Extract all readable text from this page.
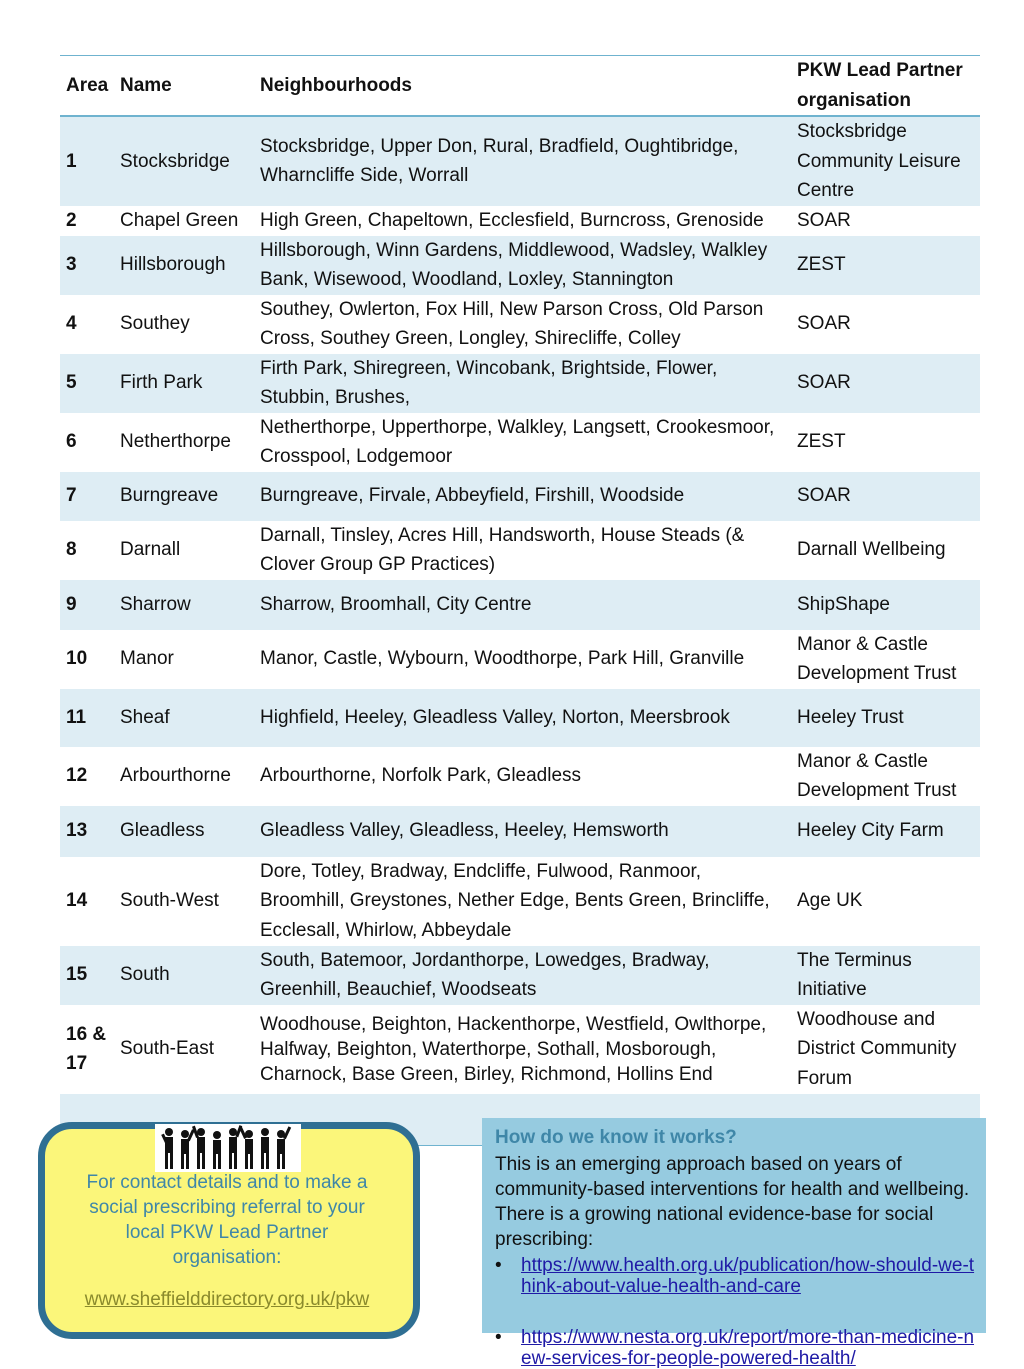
Area	Name	Neighbourhoods	PKW Lead Partner organisation
1	Stocksbridge	Stocksbridge, Upper Don, Rural, Bradfield, Oughtibridge, Wharncliffe Side, Worrall	Stocksbridge Community Leisure Centre
2	Chapel Green	High Green, Chapeltown, Ecclesfield, Burncross, Grenoside	SOAR
3	Hillsborough	Hillsborough, Winn Gardens, Middlewood, Wadsley, Walkley Bank, Wisewood, Woodland, Loxley, Stannington	ZEST
4	Southey	Southey, Owlerton, Fox Hill, New Parson Cross, Old Parson Cross, Southey Green, Longley, Shirecliffe, Colley	SOAR
5	Firth Park	Firth Park, Shiregreen, Wincobank, Brightside, Flower, Stubbin, Brushes,	SOAR
6	Netherthorpe	Netherthorpe, Upperthorpe, Walkley, Langsett, Crookesmoor, Crosspool, Lodgemoor	ZEST
7	Burngreave	Burngreave, Firvale, Abbeyfield, Firshill, Woodside	SOAR
8	Darnall	Darnall, Tinsley, Acres Hill, Handsworth, House Steads (& Clover Group GP Practices)	Darnall Wellbeing
9	Sharrow	Sharrow, Broomhall, City Centre	ShipShape
10	Manor	Manor, Castle, Wybourn, Woodthorpe, Park Hill, Granville	Manor & Castle Development Trust
11	Sheaf	Highfield, Heeley, Gleadless Valley, Norton, Meersbrook	Heeley Trust
12	Arbourthorne	Arbourthorne, Norfolk Park, Gleadless	Manor & Castle Development Trust
13	Gleadless	Gleadless Valley, Gleadless, Heeley, Hemsworth	Heeley City Farm
14	South-West	Dore, Totley, Bradway, Endcliffe, Fulwood, Ranmoor, Broomhill, Greystones, Nether Edge, Bents Green, Brincliffe, Ecclesall, Whirlow, Abbeydale	Age UK
15	South	South, Batemoor, Jordanthorpe, Lowedges, Bradway, Greenhill, Beauchief, Woodseats	The Terminus Initiative
16 & 17	South-East	Woodhouse, Beighton, Hackenthorpe, Westfield, Owlthorpe, Halfway, Beighton, Waterthorpe, Sothall, Mosborough, Charnock, Base Green, Birley, Richmond, Hollins End	Woodhouse and District Community Forum
For contact details and to make a social prescribing referral to your local PKW Lead Partner organisation:
www.sheffielddirectory.org.uk/pkw
How do we know it works?
This is an emerging approach based on years of community-based interventions for health and wellbeing. There is a growing national evidence-base for social prescribing:
• https://www.health.org.uk/publication/how-should-we-think-about-value-health-and-care
• https://www.nesta.org.uk/report/more-than-medicine-new-services-for-people-powered-health/
